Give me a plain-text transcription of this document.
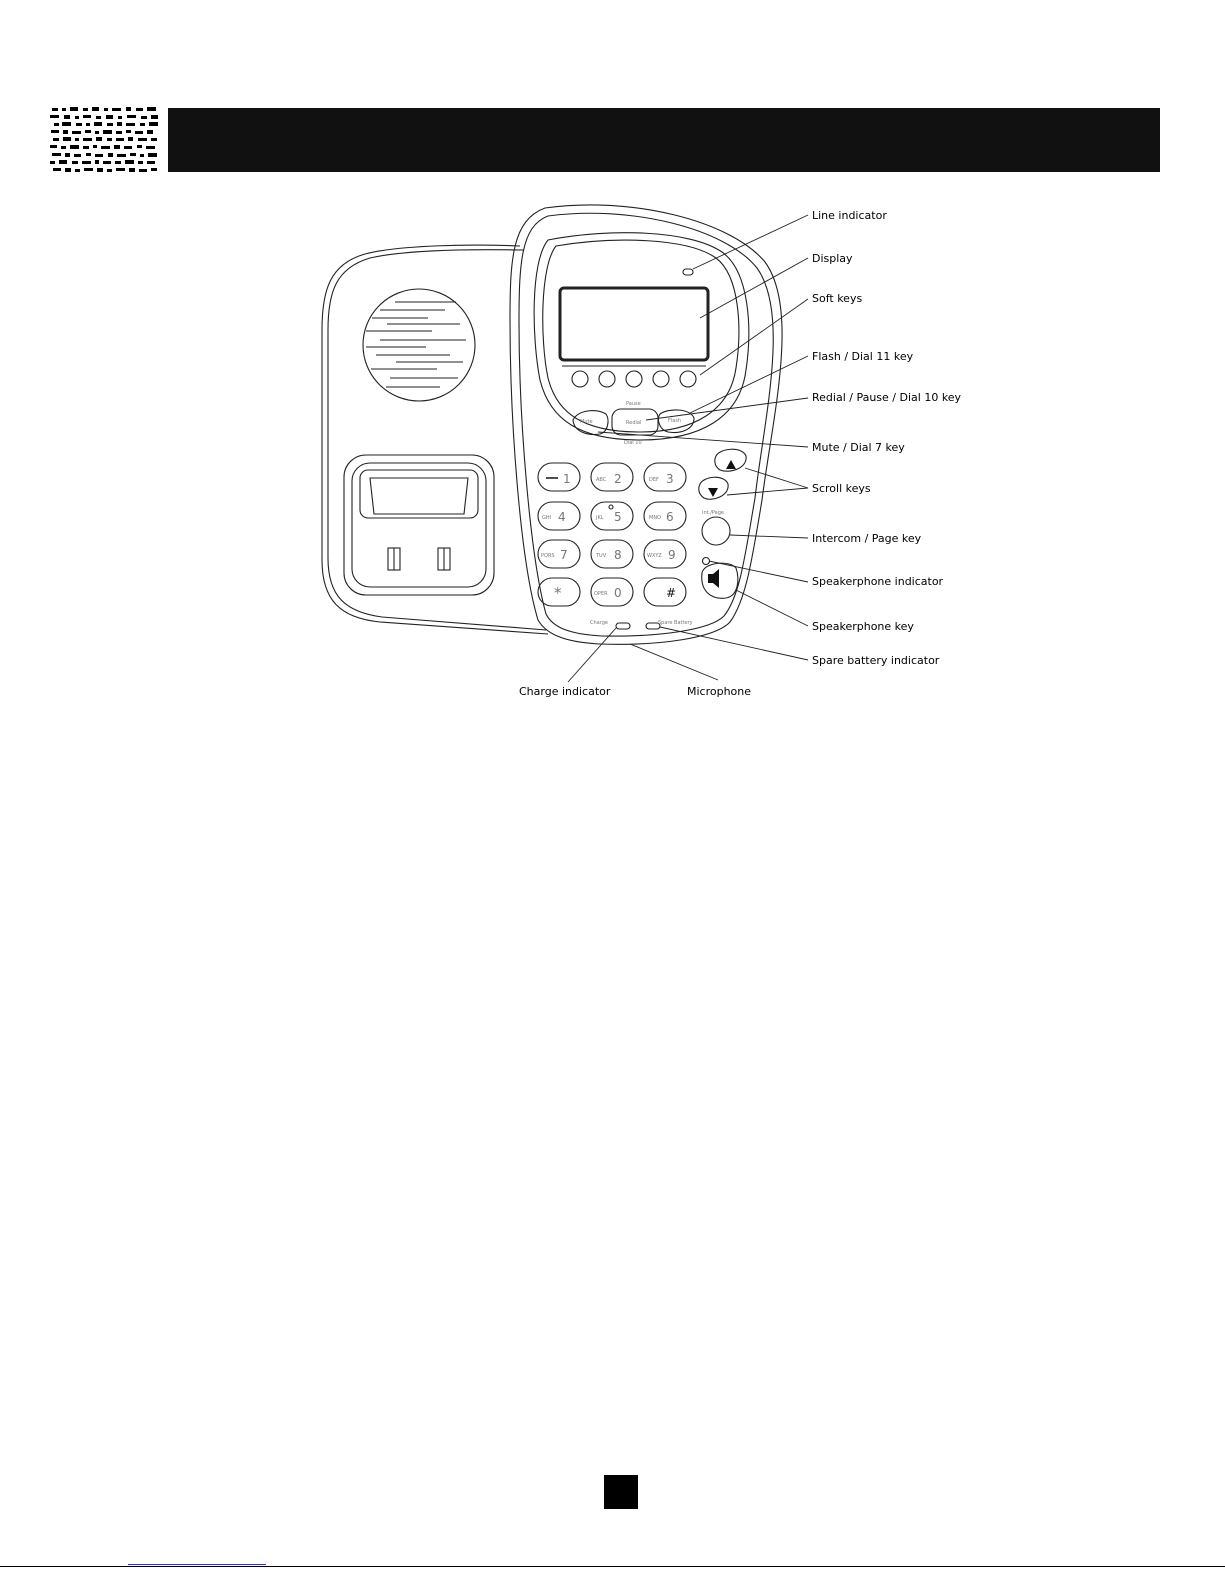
Pause
Dial 10
Mute	Redial	Flash
Int./Page
Charge	Spare Battery
ABC	DEF
GHI	JKL	MNO
PQRS	TUV	WXYZ
OPER
1	2	3
4	5	6
7	8	9
*	0	#
Line indicator
Display
Soft keys
Flash / Dial 11 key
Redial / Pause / Dial 10 key
Mute / Dial 7 key
Scroll keys
Intercom / Page key
Speakerphone indicator
Speakerphone key
Spare battery indicator
Charge indicator	Microphone
